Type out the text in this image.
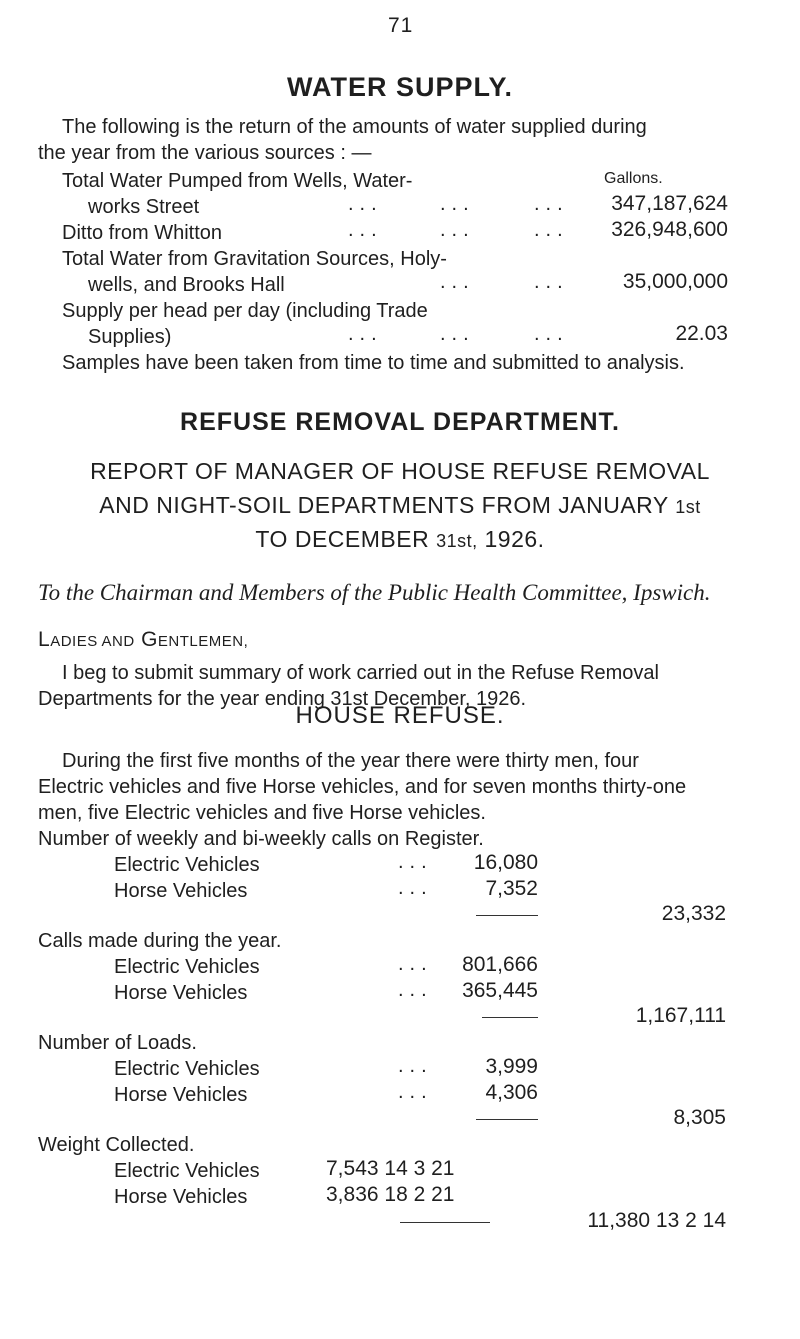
71
WATER SUPPLY.
The following is the return of the amounts of water supplied during
the year from the various sources : —
Gallons.
Total Water Pumped from Wells, Water-
works Street	...	...	...	347,187,624
Ditto from Whitton	...	...	...	326,948,600
Total Water from Gravitation Sources, Holy-
wells, and Brooks Hall	...	...	35,000,000
Supply per head per day (including Trade
Supplies)	...	...	...	22.03
Samples have been taken from time to time and submitted to analysis.
REFUSE REMOVAL DEPARTMENT.
REPORT OF MANAGER OF HOUSE REFUSE REMOVAL
AND NIGHT-SOIL DEPARTMENTS FROM JANUARY 1st
TO DECEMBER 31st, 1926.
To the Chairman and Members of the Public Health Committee, Ipswich.
LADIES AND GENTLEMEN,
I beg to submit summary of work carried out in the Refuse Removal
Departments for the year ending 31st December, 1926.
HOUSE REFUSE.
During the first five months of the year there were thirty men, four
Electric vehicles and five Horse vehicles, and for seven months thirty-one
men, five Electric vehicles and five Horse vehicles.
Number of weekly and bi-weekly calls on Register.
Electric Vehicles	...	16,080
Horse Vehicles	...	7,352
23,332
Calls made during the year.
Electric Vehicles	...	801,666
Horse Vehicles	...	365,445
1,167,111
Number of Loads.
Electric Vehicles	...	3,999
Horse Vehicles	...	4,306
8,305
Weight Collected.
Electric Vehicles	7,543 14 3 21
Horse Vehicles	3,836 18 2 21
11,380 13 2 14
